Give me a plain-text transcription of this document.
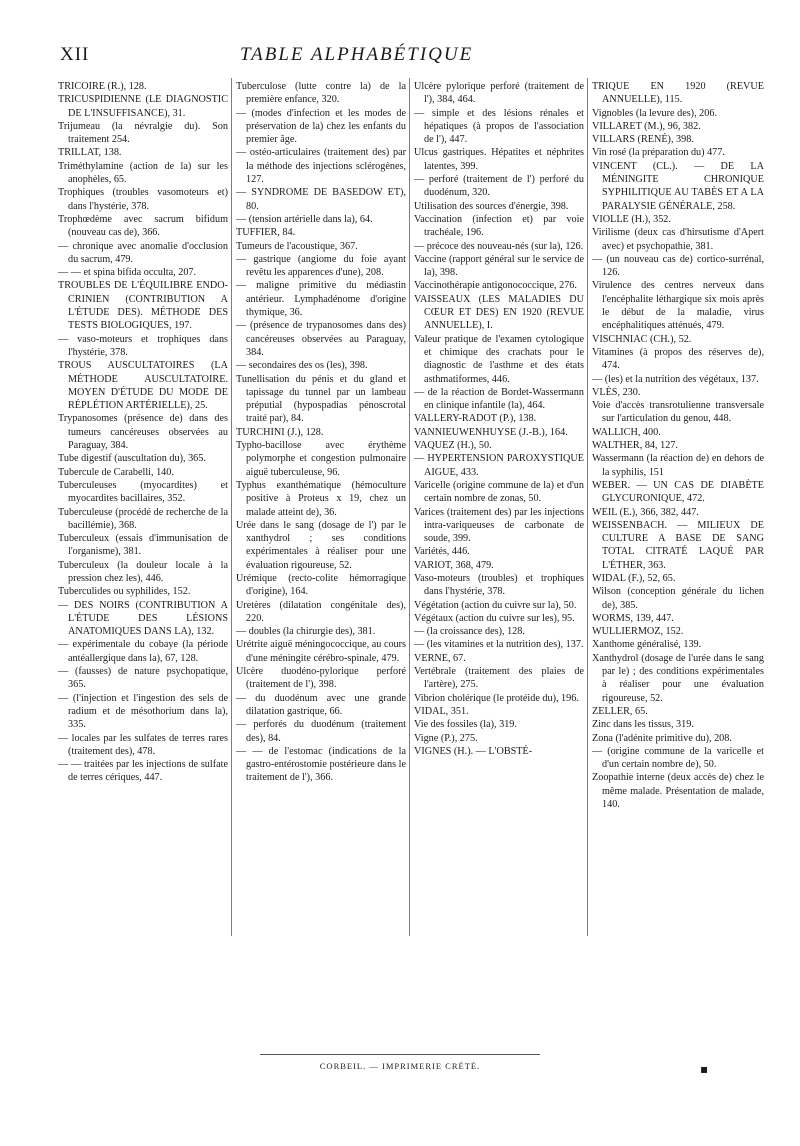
XII	TABLE ALPHABÉTIQUE
TRICOIRE (R.), 128.
TRICUSPIDIENNE (LE DIAGNOSTIC DE L'INSUFFISANCE), 31.
Trijumeau (la névralgie du). Son traitement 254.
TRILLAT, 138.
Triméthylamine (action de la) sur les anophèles, 65.
Trophiques (troubles vasomoteurs et) dans l'hystérie, 378.
Trophœdème avec sacrum bifidum (nouveau cas de), 366.
— chronique avec anomalie d'occlusion du sacrum, 479.
— — et spina bifida occulta, 207.
TROUBLES DE L'ÉQUILIBRE ENDO-CRINIEN (CONTRIBUTION A L'ÉTUDE DES). MÉTHODE DES TESTS BIOLOGIQUES, 197.
— vaso-moteurs et trophiques dans l'hystérie, 378.
TROUS AUSCULTATOIRES (LA MÉTHODE AUSCULTATOIRE. MOYEN D'ÉTUDE DU MODE DE RÉPLÉTION ARTÉRIELLE), 25.
Trypanosomes (présence de) dans des tumeurs cancéreuses observées au Paraguay, 384.
Tube digestif (auscultation du), 365.
Tubercule de Carabelli, 140.
Tuberculeuses (myocardites) et myocardites bacillaires, 352.
Tuberculeuse (procédé de recherche de la bacillémie), 368.
Tuberculeux (essais d'immunisation de l'organisme), 381.
Tuberculeux (la douleur locale à la pression chez les), 446.
Tuberculides ou syphilides, 152.
— DES NOIRS (CONTRIBUTION A L'ÉTUDE DES LÉSIONS ANATOMIQUES DANS LA), 132.
— expérimentale du cobaye (la période antéallergique dans la), 67, 128.
— (fausses) de nature psychopatique, 365.
— (l'injection et l'ingestion des sels de radium et de mésothorium dans la), 335.
— locales par les sulfates de terres rares (traitement des), 478.
— — traitées par les injections de sulfate de terres cériques, 447.
Tuberculose (lutte contre la) de la première enfance, 320.
— (modes d'infection et les modes de préservation de la) chez les enfants du premier âge.
— ostéo-articulaires (traitement des) par la méthode des injections sclérogènes, 127.
— SYNDROME DE BASEDOW ET), 80.
— (tension artérielle dans la), 64.
TUFFIER, 84.
Tumeurs de l'acoustique, 367.
— gastrique (angiome du foie ayant revêtu les apparences d'une), 208.
— maligne primitive du médiastin antérieur. Lymphadénome d'origine thymique, 36.
— (présence de trypanosomes dans des) cancéreuses observées au Paraguay, 384.
— secondaires des os (les), 398.
Tunellisation du pénis et du gland et tapissage du tunnel par un lambeau préputial (hypospadias pénoscrotal traité par), 84.
TURCHINI (J.), 128.
Typho-bacillose avec érythème polymorphe et congestion pulmonaire aiguë tuberculeuse, 96.
Typhus exanthématique (hémoculture positive à Proteus x 19, chez un malade atteint de), 36.
Urée dans le sang (dosage de l') par le xanthydrol ; ses conditions expérimentales à réaliser pour une évaluation rigoureuse, 52.
Urémique (recto-colite hémorragique d'origine), 164.
Uretères (dilatation congénitale des), 220.
— doubles (la chirurgie des), 381.
Urétrite aiguë méningococcique, au cours d'une méningite cérébro-spinale, 479.
Ulcère duodéno-pylorique perforé (traitement de l'), 398.
— du duodénum avec une grande dilatation gastrique, 66.
— perforés du duodénum (traitement des), 84.
— — de l'estomac (indications de la gastro-entérostomie postérieure dans le traitement de l'), 366.
Ulcère pylorique perforé (traitement de l'), 384, 464.
— simple et des lésions rénales et hépatiques (à propos de l'association de l'), 447.
Ulcus gastriques. Hépatites et néphrites latentes, 399.
— perforé (traitement de l') perforé du duodénum, 320.
Utilisation des sources d'énergie, 398.
Vaccination (infection et) par voie trachéale, 196.
— précoce des nouveau-nés (sur la), 126.
Vaccine (rapport général sur le service de la), 398.
Vaccinothérapie antigonococcique, 276.
VAISSEAUX (LES MALADIES DU CŒUR ET DES) EN 1920 (REVUE ANNUELLE), I.
Valeur pratique de l'examen cytologique et chimique des crachats pour le diagnostic de l'asthme et des états asthmatiformes, 446.
— de la réaction de Bordet-Wassermann en clinique infantile (la), 464.
VALLERY-RADOT (P.), 138.
VANNIEUWENHUYSE (J.-B.), 164.
VAQUEZ (H.), 50.
— HYPERTENSION PAROXYSTIQUE AIGUE, 433.
Varicelle (origine commune de la) et d'un certain nombre de zonas, 50.
Varices (traitement des) par les injections intra-variqueuses de carbonate de soude, 399.
Variétés, 446.
VARIOT, 368, 479.
Vaso-moteurs (troubles) et trophiques dans l'hystérie, 378.
Végétation (action du cuivre sur la), 50.
Végétaux (action du cuivre sur les), 95.
— (la croissance des), 128.
— (les vitamines et la nutrition des), 137.
VERNE, 67.
Vertébrale (traitement des plaies de l'artère), 275.
Vibrion cholérique (le protéide du), 196.
VIDAL, 351.
Vie des fossiles (la), 319.
Vigne (P.), 275.
VIGNES (H.). — L'OBSTÉ-
TRIQUE EN 1920 (REVUE ANNUELLE), 115.
Vignobles (la levure des), 206.
VILLARET (M.), 96, 382.
VILLARS (RENÉ), 398.
Vin rosé (la préparation du) 477.
VINCENT (CL.). — DE LA MÉNINGITE CHRONIQUE SYPHILITIQUE AU TABÈS ET A LA PARALYSIE GÉNÉRALE, 258.
VIOLLE (H.), 352.
Virilisme (deux cas d'hirsutisme d'Apert avec) et psychopathie, 381.
— (un nouveau cas de) cortico-surrénal, 126.
Virulence des centres nerveux dans l'encéphalite léthargique six mois après le début de la maladie, virus encéphalitiques atténués, 479.
VISCHNIAC (CH.), 52.
Vitamines (à propos des réserves de), 474.
— (les) et la nutrition des végétaux, 137.
VLÈS, 230.
Voie d'accès transrotulienne transversale sur l'articulation du genou, 448.
WALLICH, 400.
WALTHER, 84, 127.
Wassermann (la réaction de) en dehors de la syphilis, 151
WEBER. — UN CAS DE DIABÈTE GLYCURONIQUE, 472.
WEIL (E.), 366, 382, 447.
WEISSENBACH. — MILIEUX DE CULTURE A BASE DE SANG TOTAL CITRATÉ LAQUÉ PAR L'ÉTHER, 363.
WIDAL (F.), 52, 65.
Wilson (conception générale du lichen de), 385.
WORMS, 139, 447.
WULLIERMOZ, 152.
Xanthome généralisé, 139.
Xanthydrol (dosage de l'urée dans le sang par le) ; des conditions expérimentales à réaliser pour une évaluation rigoureuse, 52.
ZELLER, 65.
Zinc dans les tissus, 319.
Zona (l'adénite primitive du), 208.
— (origine commune de la varicelle et d'un certain nombre de), 50.
Zoopathie interne (deux accès de) chez le même malade. Présentation de malade, 140.
CORBEIL. — IMPRIMERIE CRÉTÉ.	▪
